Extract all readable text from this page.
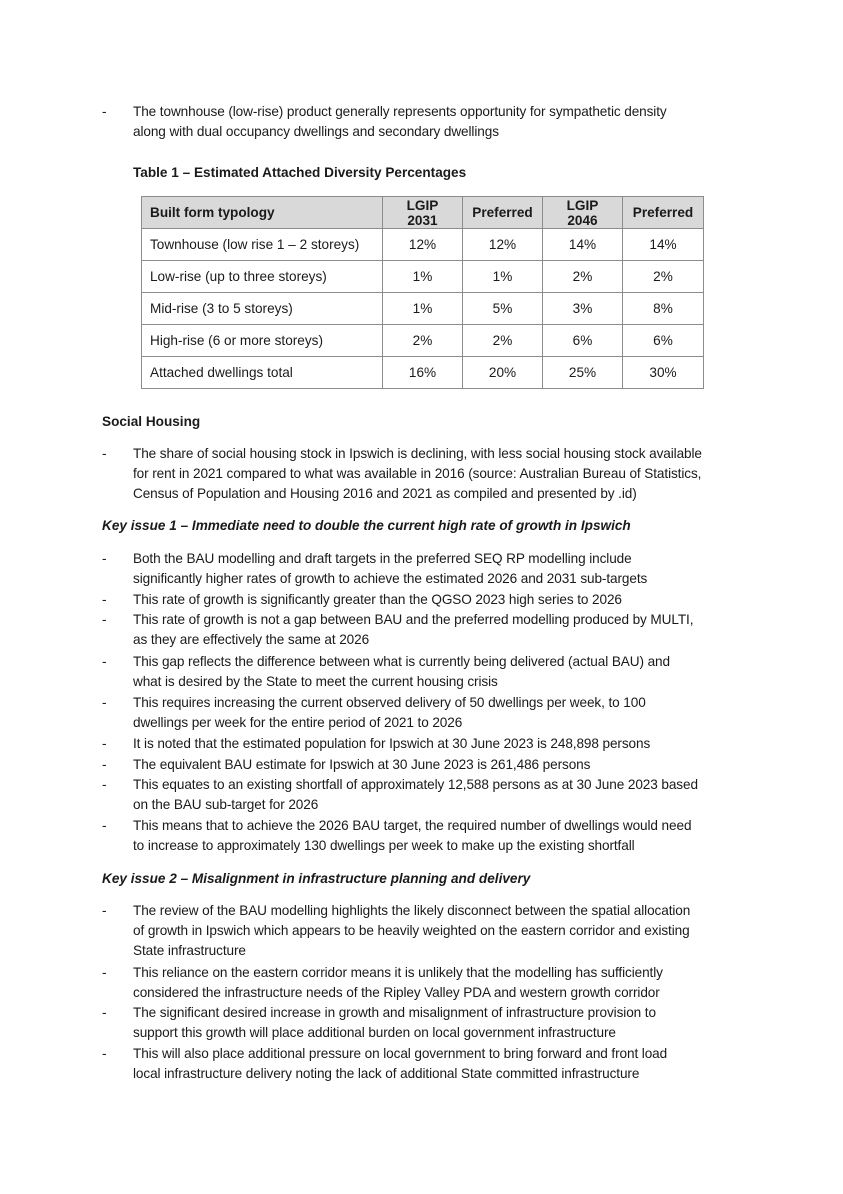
- The townhouse (low-rise) product generally represents opportunity for sympathetic density
along with dual occupancy dwellings and secondary dwellings
Table 1 – Estimated Attached Diversity Percentages
Built form typology	LGIP 2031	Preferred	LGIP 2046	Preferred
Townhouse (low rise 1 – 2 storeys)	12%	12%	14%	14%
Low-rise (up to three storeys)	1%	1%	2%	2%
Mid-rise (3 to 5 storeys)	1%	5%	3%	8%
High-rise (6 or more storeys)	2%	2%	6%	6%
Attached dwellings total	16%	20%	25%	30%
Social Housing
- The share of social housing stock in Ipswich is declining, with less social housing stock available
for rent in 2021 compared to what was available in 2016 (source: Australian Bureau of Statistics,
Census of Population and Housing 2016 and 2021 as compiled and presented by .id)
Key issue 1 – Immediate need to double the current high rate of growth in Ipswich
- Both the BAU modelling and draft targets in the preferred SEQ RP modelling include
significantly higher rates of growth to achieve the estimated 2026 and 2031 sub-targets
- This rate of growth is significantly greater than the QGSO 2023 high series to 2026
- This rate of growth is not a gap between BAU and the preferred modelling produced by MULTI,
as they are effectively the same at 2026
- This gap reflects the difference between what is currently being delivered (actual BAU) and
what is desired by the State to meet the current housing crisis
- This requires increasing the current observed delivery of 50 dwellings per week, to 100
dwellings per week for the entire period of 2021 to 2026
- It is noted that the estimated population for Ipswich at 30 June 2023 is 248,898 persons
- The equivalent BAU estimate for Ipswich at 30 June 2023 is 261,486 persons
- This equates to an existing shortfall of approximately 12,588 persons as at 30 June 2023 based
on the BAU sub-target for 2026
- This means that to achieve the 2026 BAU target, the required number of dwellings would need
to increase to approximately 130 dwellings per week to make up the existing shortfall
Key issue 2 – Misalignment in infrastructure planning and delivery
- The review of the BAU modelling highlights the likely disconnect between the spatial allocation
of growth in Ipswich which appears to be heavily weighted on the eastern corridor and existing
State infrastructure
- This reliance on the eastern corridor means it is unlikely that the modelling has sufficiently
considered the infrastructure needs of the Ripley Valley PDA and western growth corridor
- The significant desired increase in growth and misalignment of infrastructure provision to
support this growth will place additional burden on local government infrastructure
- This will also place additional pressure on local government to bring forward and front load
local infrastructure delivery noting the lack of additional State committed infrastructure
